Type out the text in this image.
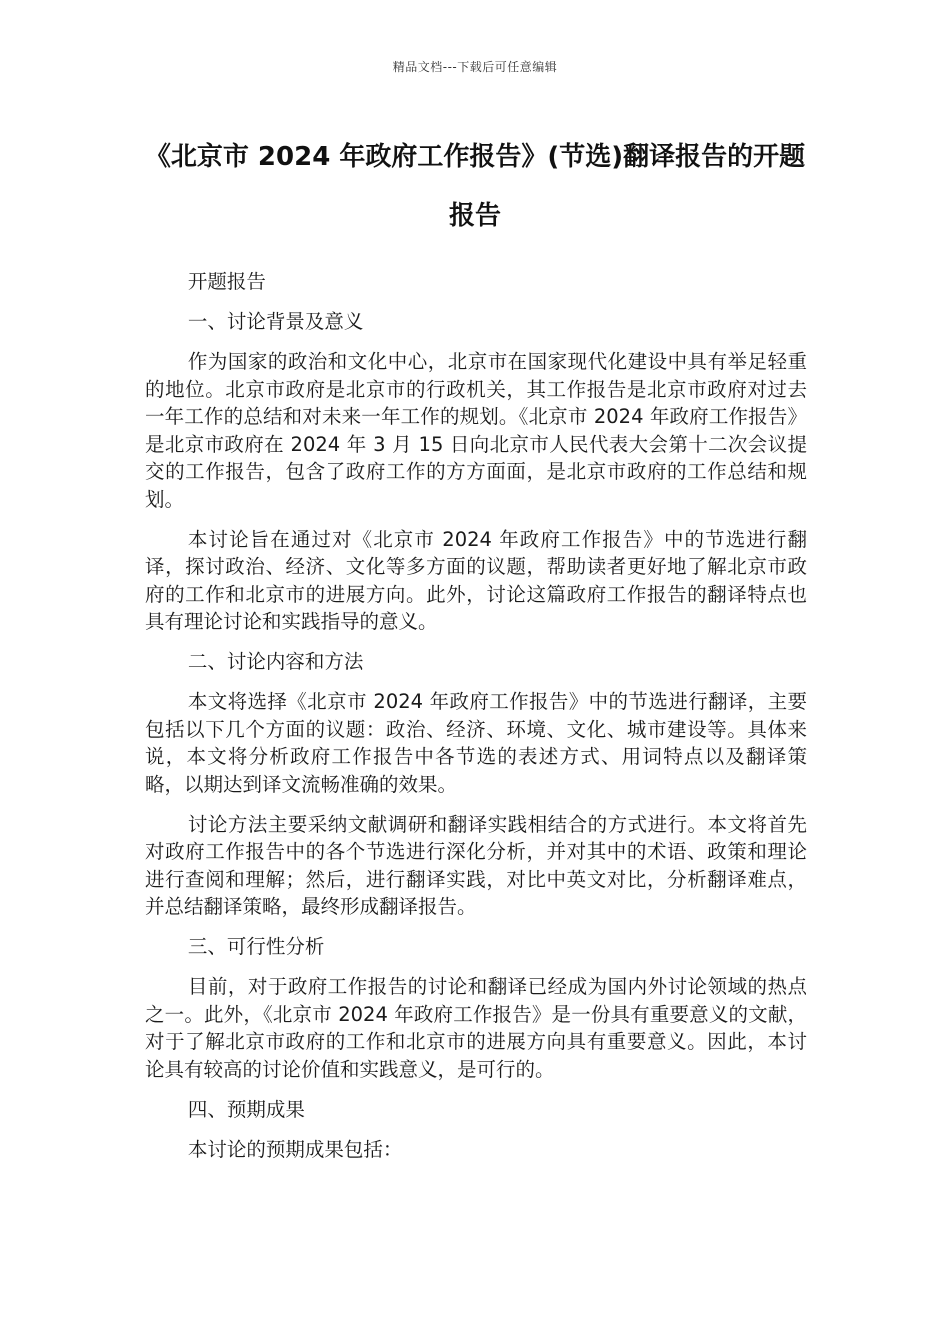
精品文档---下载后可任意编辑
《北京市 2024 年政府工作报告》(节选)翻译报告的开题报告

开题报告

一、讨论背景及意义

作为国家的政治和文化中心，北京市在国家现代化建设中具有举足轻重的地位。北京市政府是北京市的行政机关，其工作报告是北京市政府对过去一年工作的总结和对未来一年工作的规划。《北京市 2024 年政府工作报告》是北京市政府在 2024 年 3 月 15 日向北京市人民代表大会第十二次会议提交的工作报告，包含了政府工作的方方面面，是北京市政府的工作总结和规划。

本讨论旨在通过对《北京市 2024 年政府工作报告》中的节选进行翻译，探讨政治、经济、文化等多方面的议题，帮助读者更好地了解北京市政府的工作和北京市的进展方向。此外，讨论这篇政府工作报告的翻译特点也具有理论讨论和实践指导的意义。

二、讨论内容和方法

本文将选择《北京市 2024 年政府工作报告》中的节选进行翻译，主要包括以下几个方面的议题：政治、经济、环境、文化、城市建设等。具体来说，本文将分析政府工作报告中各节选的表述方式、用词特点以及翻译策略，以期达到译文流畅准确的效果。

讨论方法主要采纳文献调研和翻译实践相结合的方式进行。本文将首先对政府工作报告中的各个节选进行深化分析，并对其中的术语、政策和理论进行查阅和理解；然后，进行翻译实践，对比中英文对比，分析翻译难点，并总结翻译策略，最终形成翻译报告。

三、可行性分析

目前，对于政府工作报告的讨论和翻译已经成为国内外讨论领域的热点之一。此外，《北京市 2024 年政府工作报告》是一份具有重要意义的文献，对于了解北京市政府的工作和北京市的进展方向具有重要意义。因此，本讨论具有较高的讨论价值和实践意义，是可行的。

四、预期成果

本讨论的预期成果包括：
